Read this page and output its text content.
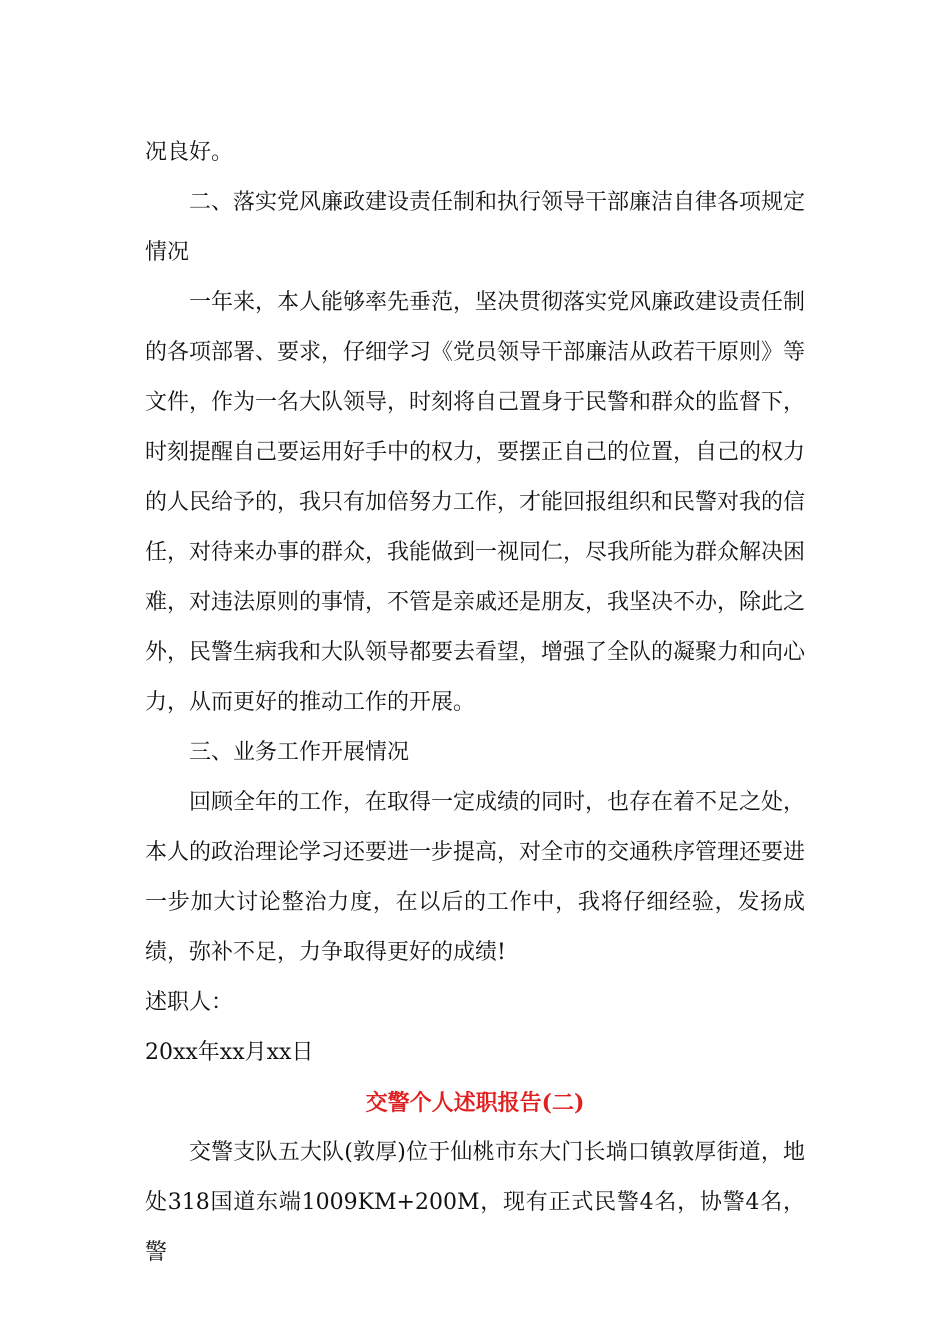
况良好。

二、落实党风廉政建设责任制和执行领导干部廉洁自律各项规定情况

一年来，本人能够率先垂范，坚决贯彻落实党风廉政建设责任制的各项部署、要求，仔细学习《党员领导干部廉洁从政若干原则》等文件，作为一名大队领导，时刻将自己置身于民警和群众的监督下，时刻提醒自己要运用好手中的权力，要摆正自己的位置，自己的权力的人民给予的，我只有加倍努力工作，才能回报组织和民警对我的信任，对待来办事的群众，我能做到一视同仁，尽我所能为群众解决困难，对违法原则的事情，不管是亲戚还是朋友，我坚决不办，除此之外，民警生病我和大队领导都要去看望，增强了全队的凝聚力和向心力，从而更好的推动工作的开展。

三、业务工作开展情况

回顾全年的工作，在取得一定成绩的同时，也存在着不足之处，本人的政治理论学习还要进一步提高，对全市的交通秩序管理还要进一步加大讨论整治力度，在以后的工作中，我将仔细经验，发扬成绩，弥补不足，力争取得更好的成绩!

述职人：

20xx年xx月xx日

交警个人述职报告(二)

交警支队五大队(敦厚)位于仙桃市东大门长埫口镇敦厚街道，地处318国道东端1009KM+200M，现有正式民警4名，协警4名，警
